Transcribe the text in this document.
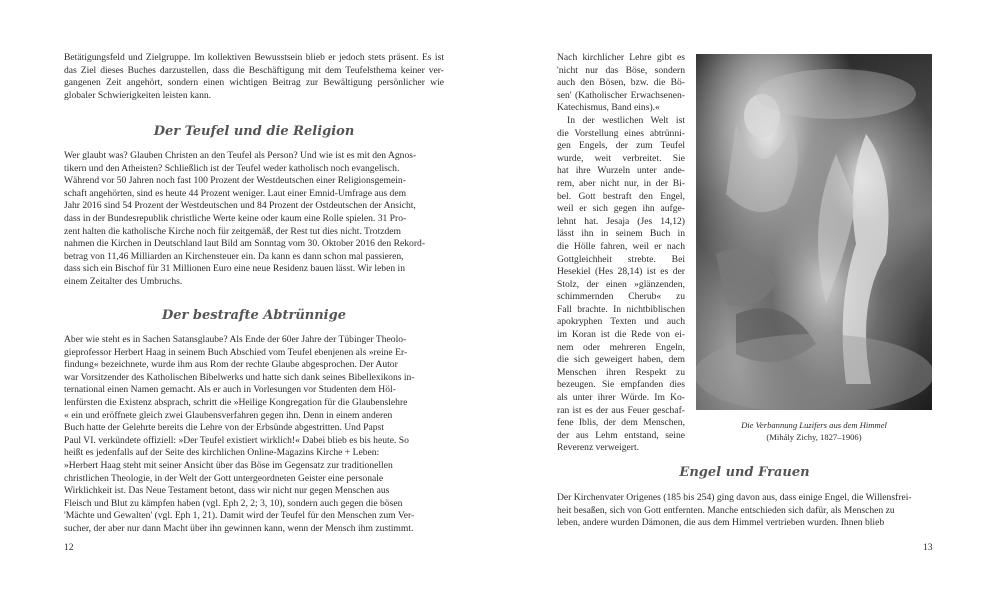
Betätigungsfeld und Zielgruppe. Im kollektiven Bewusstsein blieb er jedoch stets präsent. Es ist
das Ziel dieses Buches darzustellen, dass die Beschäftigung mit dem Teufelsthema keiner ver-
gangenen Zeit angehört, sondern einen wichtigen Beitrag zur Bewältigung persönlicher wie
globaler Schwierigkeiten leisten kann.
Der Teufel und die Religion
Wer glaubt was? Glauben Christen an den Teufel als Person? Und wie ist es mit den Agnos-
tikern und den Atheisten? Schließlich ist der Teufel weder katholisch noch evangelisch.
Während vor 50 Jahren noch fast 100 Prozent der Westdeutschen einer Religionsgemein-
schaft angehörten, sind es heute 44 Prozent weniger. Laut einer Emnid-Umfrage aus dem
Jahr 2016 sind 54 Prozent der Westdeutschen und 84 Prozent der Ostdeutschen der Ansicht,
dass in der Bundesrepublik christliche Werte keine oder kaum eine Rolle spielen. 31 Pro-
zent halten die katholische Kirche noch für zeitgemäß, der Rest tut dies nicht. Trotzdem
nahmen die Kirchen in Deutschland laut Bild am Sonntag vom 30. Oktober 2016 den Rekord-
betrag von 11,46 Milliarden an Kirchensteuer ein. Da kann es dann schon mal passieren,
dass sich ein Bischof für 31 Millionen Euro eine neue Residenz bauen lässt. Wir leben in
einem Zeitalter des Umbruchs.
Der bestrafte Abtrünnige
Aber wie steht es in Sachen Satansglaube? Als Ende der 60er Jahre der Tübinger Theolo-
gieprofessor Herbert Haag in seinem Buch Abschied vom Teufel ebenjenen als »reine Er-
findung« bezeichnete, wurde ihm aus Rom der rechte Glaube abgesprochen. Der Autor
war Vorsitzender des Katholischen Bibelwerks und hatte sich dank seines Bibellexikons in-
ternational einen Namen gemacht. Als er auch in Vorlesungen vor Studenten dem Höl-
lenfürsten die Existenz absprach, schritt die »Heilige Kongregation für die Glaubenslehre
« ein und eröffnete gleich zwei Glaubensverfahren gegen ihn. Denn in einem anderen
Buch hatte der Gelehrte bereits die Lehre von der Erbsünde abgestritten. Und Papst
Paul VI. verkündete offiziell: »Der Teufel existiert wirklich!« Dabei blieb es bis heute. So
heißt es jedenfalls auf der Seite des kirchlichen Online-Magazins Kirche + Leben:
»Herbert Haag steht mit seiner Ansicht über das Böse im Gegensatz zur traditionellen
christlichen Theologie, in der Welt der Gott untergeordneten Geister eine personale
Wirklichkeit ist. Das Neue Testament betont, dass wir nicht nur gegen Menschen aus
Fleisch und Blut zu kämpfen haben (vgl. Eph 2, 2; 3, 10), sondern auch gegen die bösen
'Mächte und Gewalten' (vgl. Eph 1, 21). Damit wird der Teufel für den Menschen zum Ver-
sucher, der aber nur dann Macht über ihn gewinnen kann, wenn der Mensch ihm zustimmt.
12
Nach kirchlicher Lehre gibt es
'nicht nur das Böse, sondern
auch den Bösen, bzw. die Bö-
sen' (Katholischer Erwachsenen-
Katechismus, Band eins).«
In der westlichen Welt ist
die Vorstellung eines abtrünni-
gen Engels, der zum Teufel
wurde, weit verbreitet. Sie
hat ihre Wurzeln unter ande-
rem, aber nicht nur, in der Bi-
bel. Gott bestraft den Engel,
weil er sich gegen ihn aufge-
lehnt hat. Jesaja (Jes 14,12)
lässt ihn in seinem Buch in
die Hölle fahren, weil er nach
Gottgleichheit strebte. Bei
Hesekiel (Hes 28,14) ist es der
Stolz, der einen »glänzenden,
schimmernden Cherub« zu
Fall brachte. In nichtbiblischen
apokryphen Texten und auch
im Koran ist die Rede von ei-
nem oder mehreren Engeln,
die sich geweigert haben, dem
Menschen ihren Respekt zu
bezeugen. Sie empfanden dies
als unter ihrer Würde. Im Ko-
ran ist es der aus Feuer geschaf-
fene Iblis, der dem Menschen,
der aus Lehm entstand, seine
Reverenz verweigert.
Die Verbannung Luzifers aus dem Himmel
(Mihály Zichy, 1827–1906)
Engel und Frauen
Der Kirchenvater Origenes (185 bis 254) ging davon aus, dass einige Engel, die Willensfrei-
heit besaßen, sich von Gott entfernten. Manche entschieden sich dafür, als Menschen zu
leben, andere wurden Dämonen, die aus dem Himmel vertrieben wurden. Ihnen blieb
13
